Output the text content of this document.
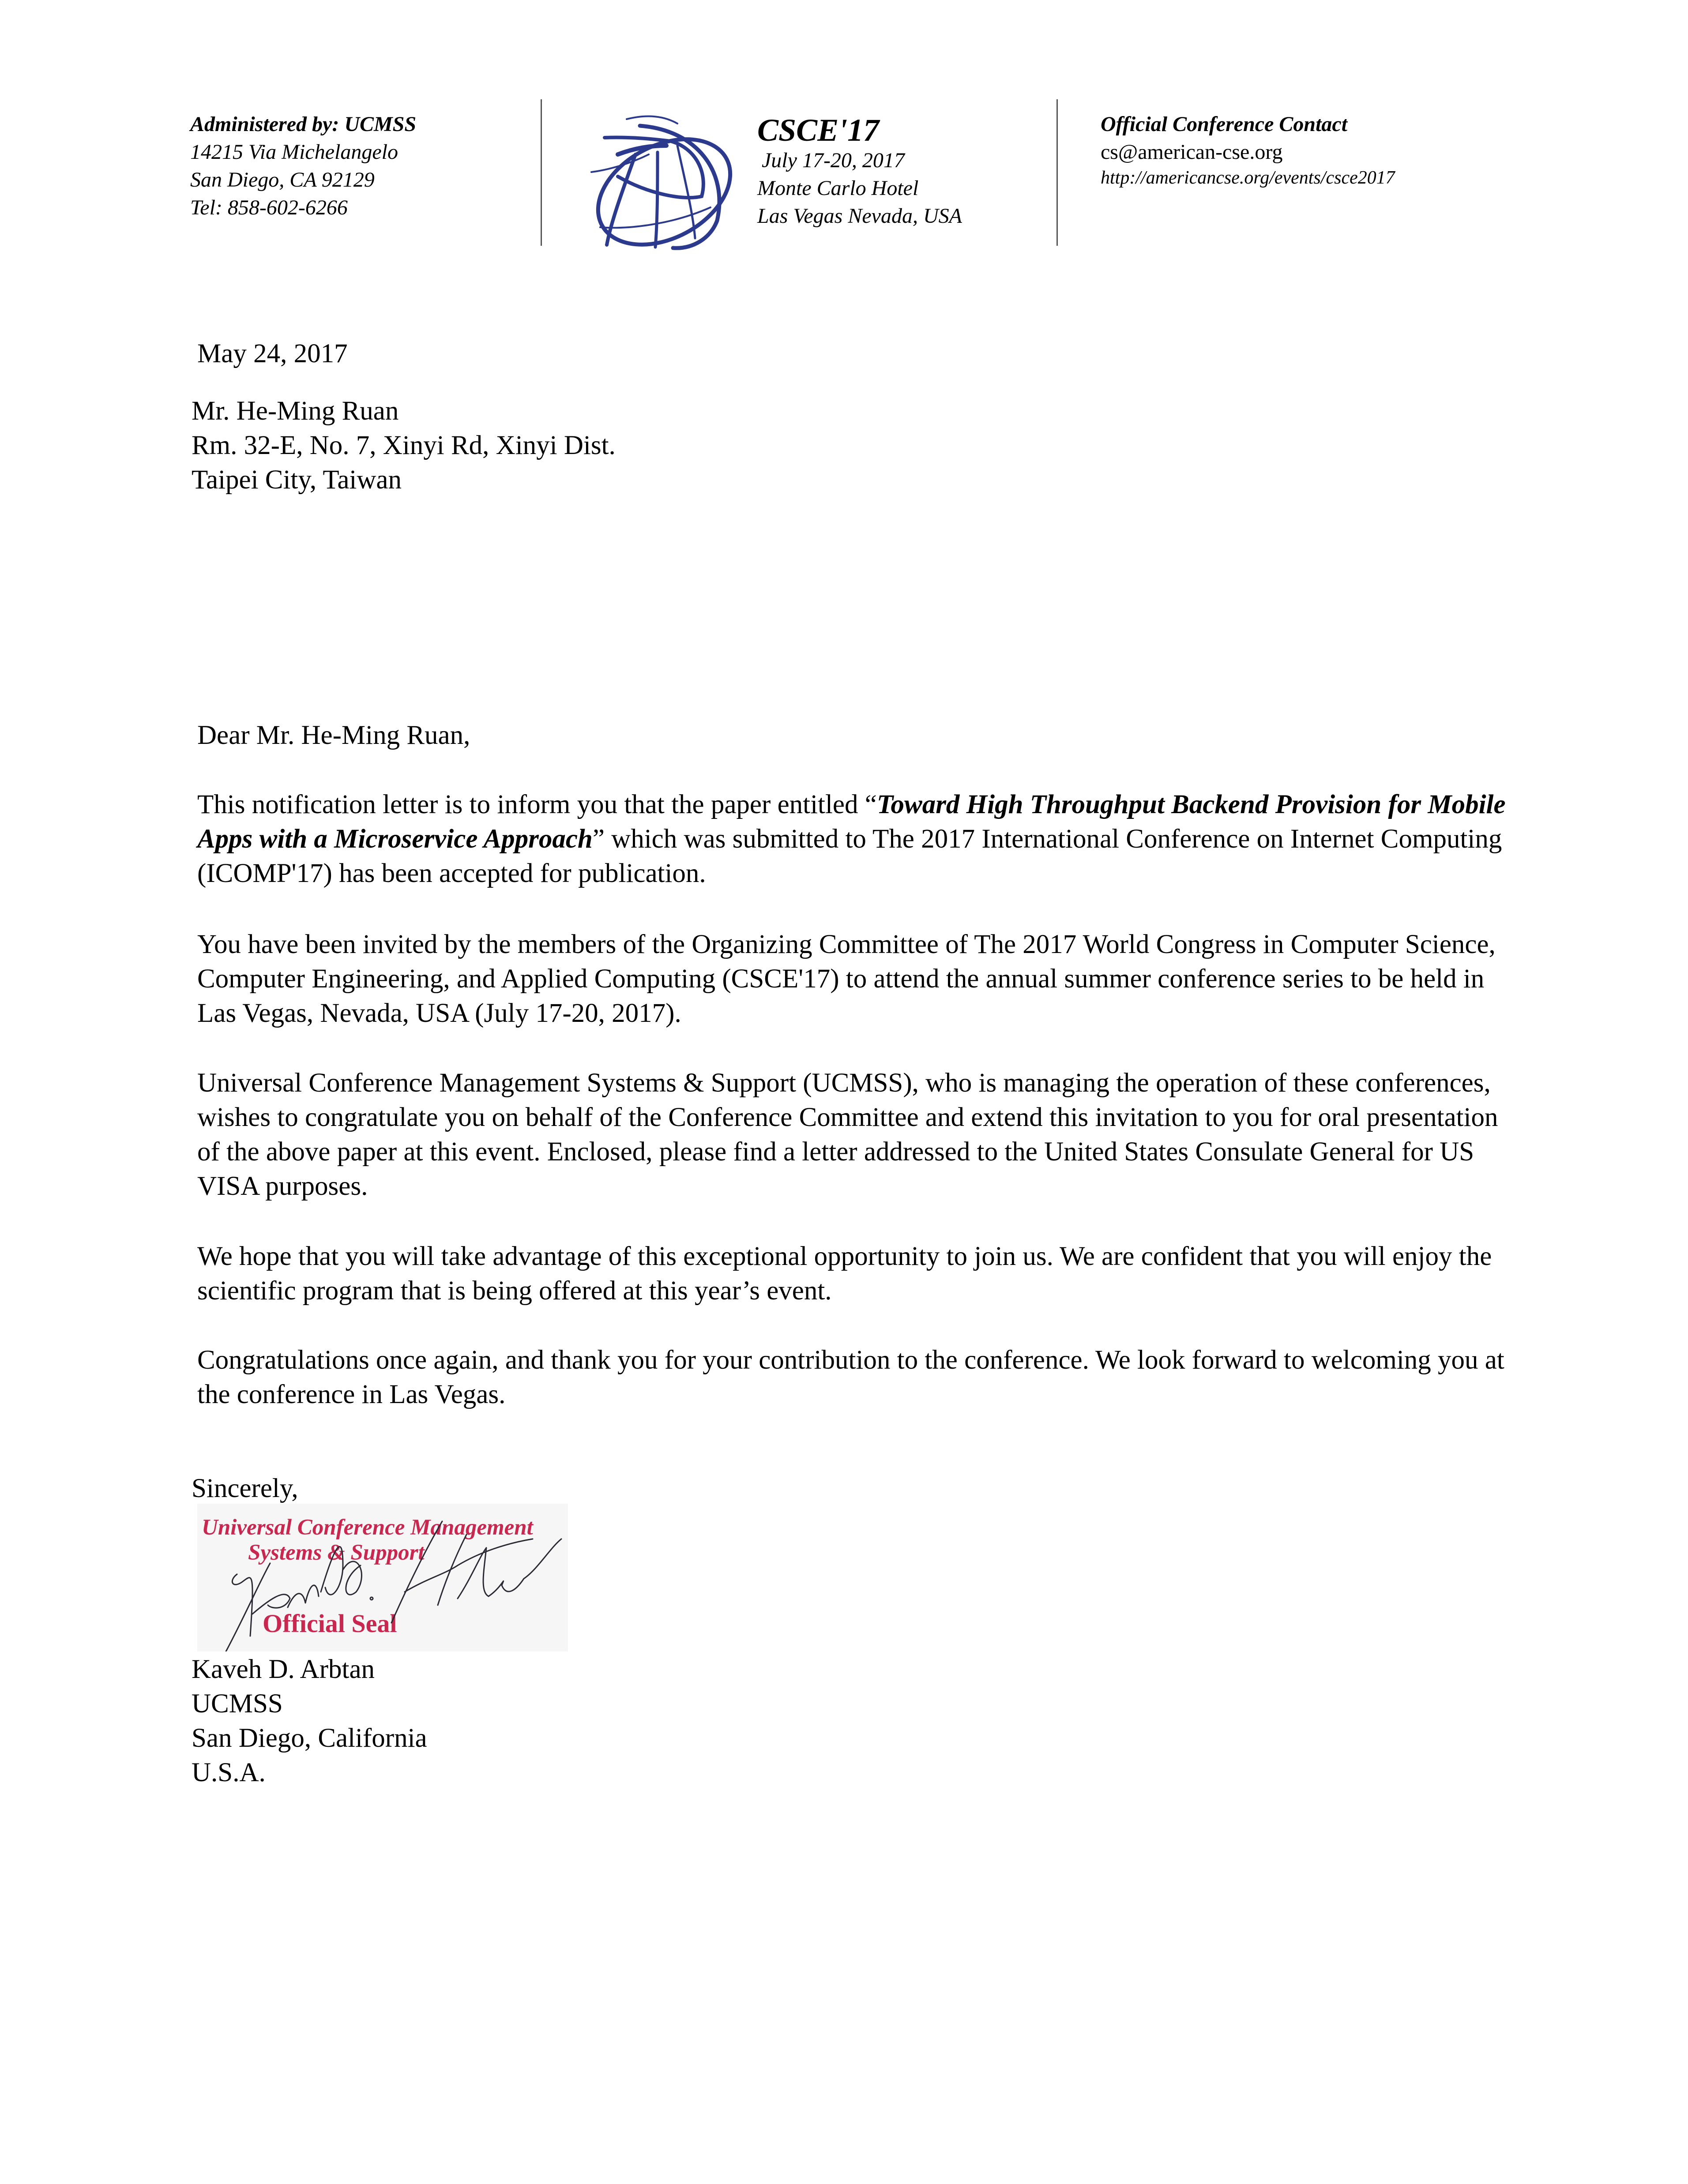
Administered by: UCMSS
14215 Via Michelangelo
San Diego, CA 92129
Tel: 858-602-6266
CSCE'17
July 17-20, 2017
Monte Carlo Hotel
Las Vegas Nevada, USA
Official Conference Contact
cs@american-cse.org
http://americancse.org/events/csce2017
May 24, 2017
Mr. He-Ming Ruan
Rm. 32-E, No. 7, Xinyi Rd, Xinyi Dist.
Taipei City, Taiwan
Dear Mr. He-Ming Ruan,

This notification letter is to inform you that the paper entitled “Toward High Throughput Backend Provision for Mobile Apps with a Microservice Approach” which was submitted to The 2017 International Conference on Internet Computing (ICOMP'17) has been accepted for publication.

You have been invited by the members of the Organizing Committee of The 2017 World Congress in Computer Science, Computer Engineering, and Applied Computing (CSCE'17) to attend the annual summer conference series to be held in Las Vegas, Nevada, USA (July 17-20, 2017).

Universal Conference Management Systems & Support (UCMSS), who is managing the operation of these conferences, wishes to congratulate you on behalf of the Conference Committee and extend this invitation to you for oral presentation of the above paper at this event. Enclosed, please find a letter addressed to the United States Consulate General for US VISA purposes.

We hope that you will take advantage of this exceptional opportunity to join us. We are confident that you will enjoy the scientific program that is being offered at this year’s event.

Congratulations once again, and thank you for your contribution to the conference. We look forward to welcoming you at the conference in Las Vegas.

Sincerely,
Universal Conference Management
Systems & Support
Official Seal
Kaveh D. Arbtan
UCMSS
San Diego, California
U.S.A.
